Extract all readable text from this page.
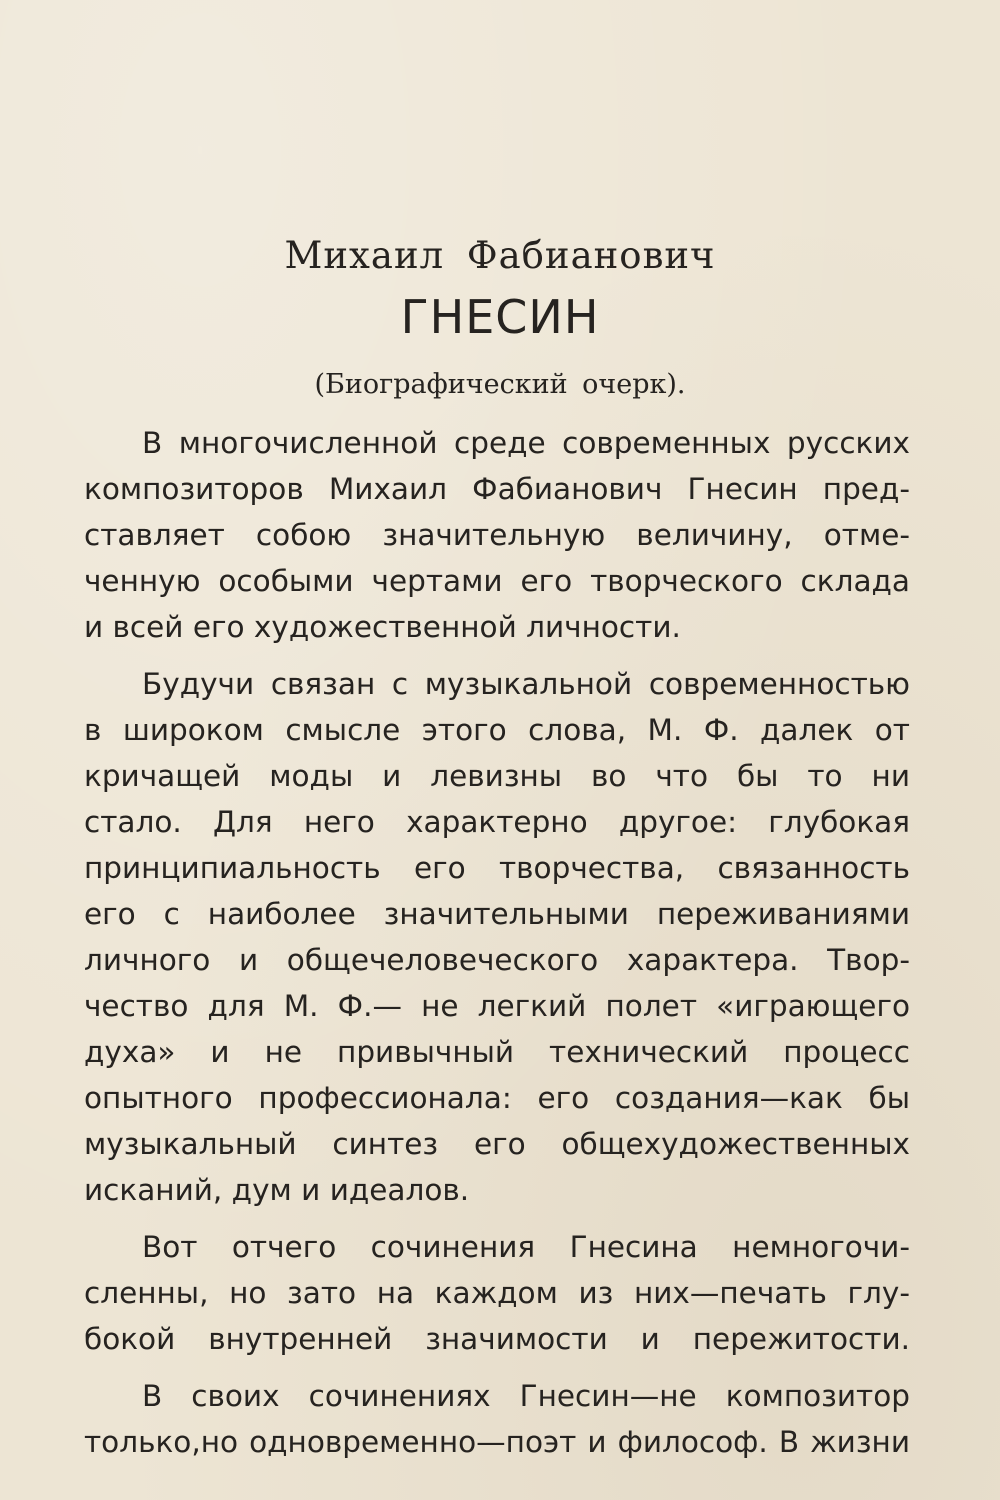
Михаил Фабианович
ГНЕСИН
(Биографический очерк).
В многочисленной среде современных русских
композиторов Михаил Фабианович Гнесин пред-
ставляет собою значительную величину, отме-
ченную особыми чертами его творческого склада
и всей его художественной личности.
Будучи связан с музыкальной современностью
в широком смысле этого слова, М. Ф. далек от
кричащей моды и левизны во что бы то ни
стало. Для него характерно другое: глубокая
принципиальность его творчества, связанность
его с наиболее значительными переживаниями
личного и общечеловеческого характера. Твор-
чество для М. Ф.— не легкий полет «играющего
духа» и не привычный технический процесс
опытного профессионала: его создания—как бы
музыкальный синтез его общехудожественных
исканий, дум и идеалов.
Вот отчего сочинения Гнесина немногочи-
сленны, но зато на каждом из них—печать глу-
бокой внутренней значимости и пережитости.
В своих сочинениях Гнесин—не композитор
только,но одновременно—поэт и философ. В жизни
